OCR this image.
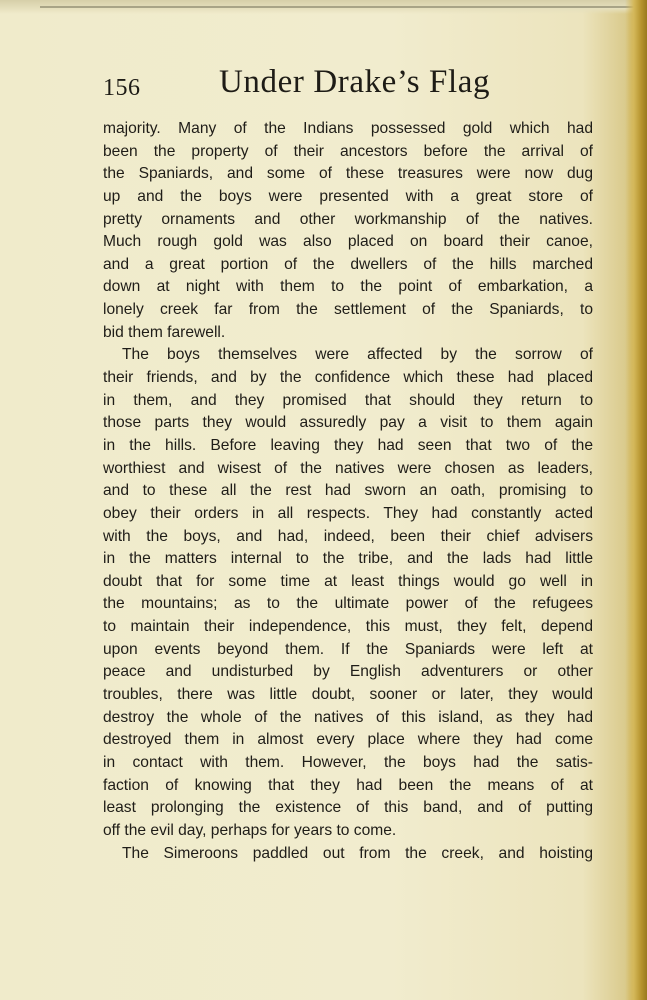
156 Under Drake’s Flag
majority. Many of the Indians possessed gold which had
been the property of their ancestors before the arrival of
the Spaniards, and some of these treasures were now dug
up and the boys were presented with a great store of
pretty ornaments and other workmanship of the natives.
Much rough gold was also placed on board their canoe,
and a great portion of the dwellers of the hills marched
down at night with them to the point of embarkation, a
lonely creek far from the settlement of the Spaniards, to
bid them farewell.
The boys themselves were affected by the sorrow of
their friends, and by the confidence which these had placed
in them, and they promised that should they return to
those parts they would assuredly pay a visit to them again
in the hills. Before leaving they had seen that two of the
worthiest and wisest of the natives were chosen as leaders,
and to these all the rest had sworn an oath, promising to
obey their orders in all respects. They had constantly acted
with the boys, and had, indeed, been their chief advisers
in the matters internal to the tribe, and the lads had little
doubt that for some time at least things would go well in
the mountains; as to the ultimate power of the refugees
to maintain their independence, this must, they felt, depend
upon events beyond them. If the Spaniards were left at
peace and undisturbed by English adventurers or other
troubles, there was little doubt, sooner or later, they would
destroy the whole of the natives of this island, as they had
destroyed them in almost every place where they had come
in contact with them. However, the boys had the satis-
faction of knowing that they had been the means of at
least prolonging the existence of this band, and of putting
off the evil day, perhaps for years to come.
The Simeroons paddled out from the creek, and hoisting
